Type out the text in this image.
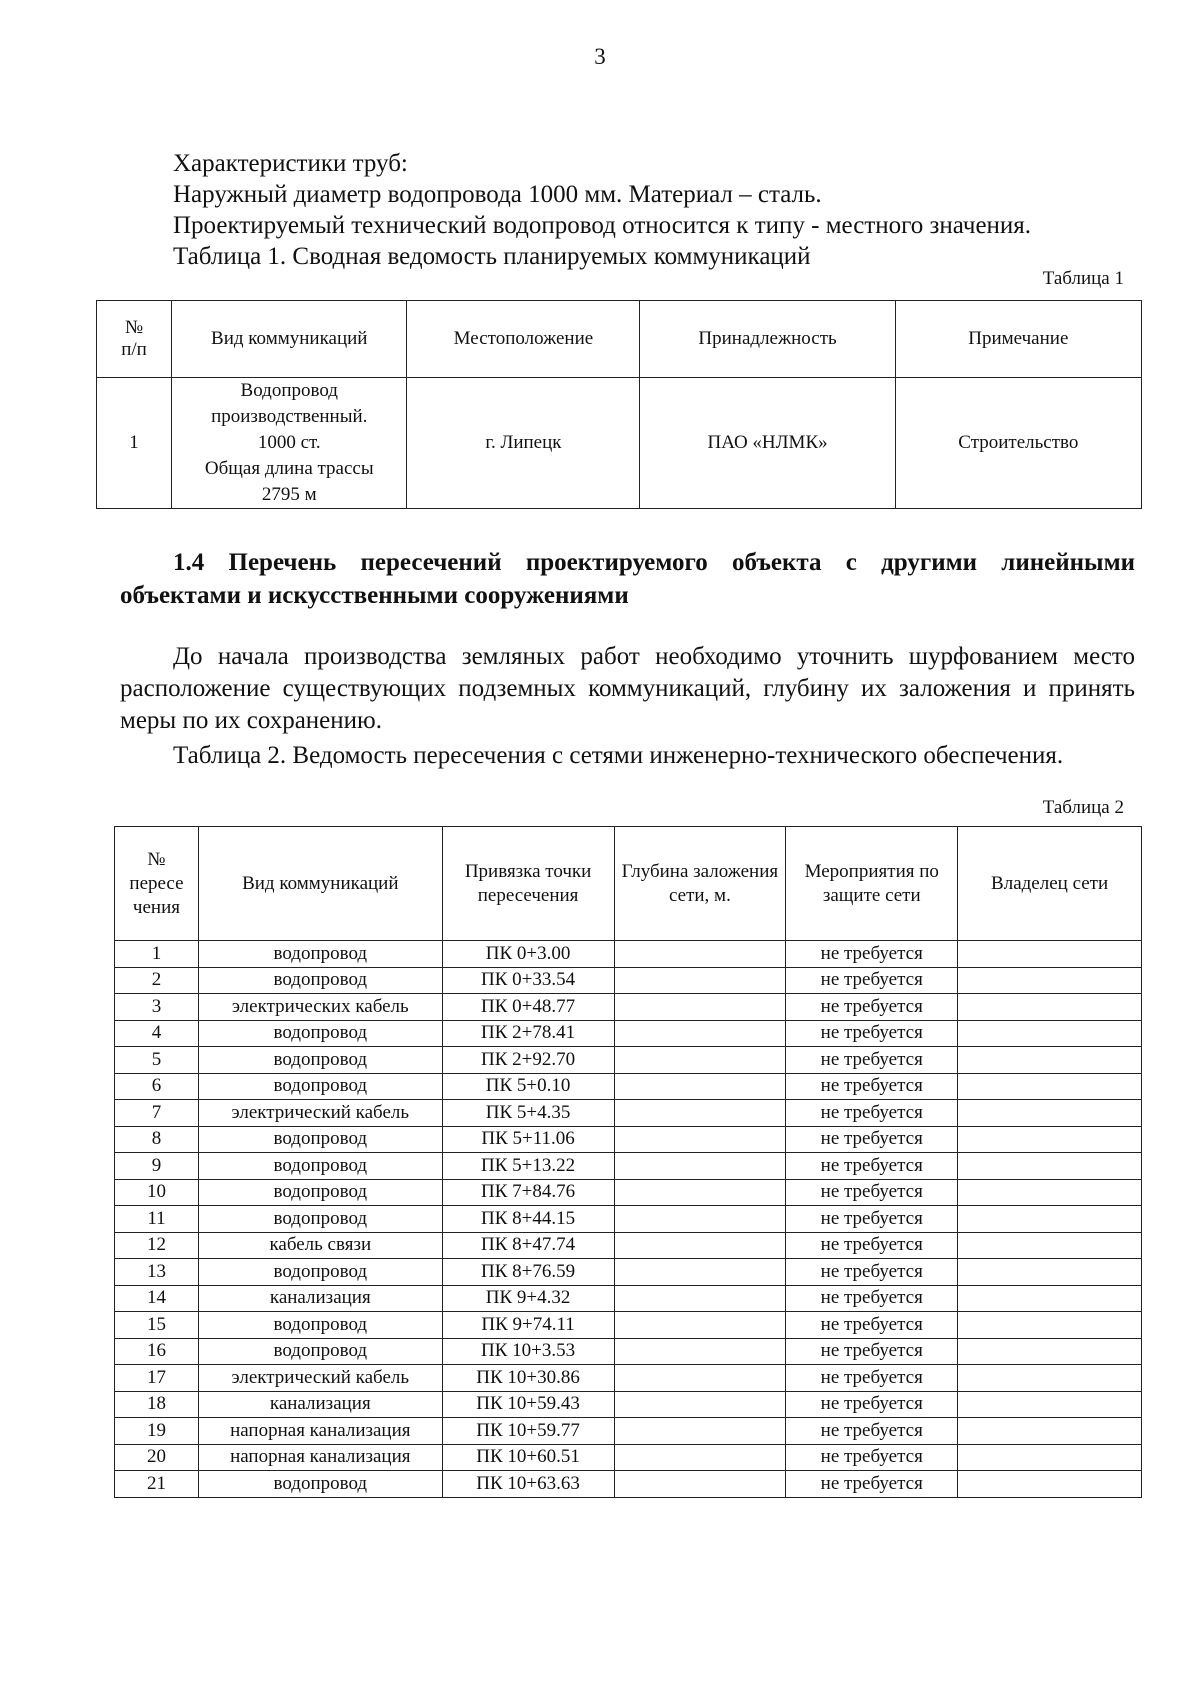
3

Характеристики труб:

Наружный диаметр водопровода 1000 мм. Материал – сталь.

Проектируемый технический водопровод относится к типу - местного значения.

Таблица 1. Сводная ведомость планируемых коммуникаций

Таблица 1
№
п/п	Вид коммуникаций	Местоположение	Принадлежность	Примечание
1	Водопровод
производственный.
1000 ст.
Общая длина трассы
2795 м	г. Липецк	ПАО «НЛМК»	Строительство

1.4 Перечень пересечений проектируемого объекта с другими линейными объектами и искусственными сооружениями

До начала производства земляных работ необходимо уточнить шурфованием место расположение существующих подземных коммуникаций, глубину их заложения и принять меры по их сохранению.

Таблица 2. Ведомость пересечения с сетями инженерно-технического обеспечения.

Таблица 2
№
пересе
чения	Вид коммуникаций	Привязка точки пересечения	Глубина заложения сети, м.	Мероприятия по защите сети	Владелец сети
1	водопровод	ПК 0+3.00		не требуется	
2	водопровод	ПК 0+33.54		не требуется	
3	электрических кабель	ПК 0+48.77		не требуется	
4	водопровод	ПК 2+78.41		не требуется	
5	водопровод	ПК 2+92.70		не требуется	
6	водопровод	ПК 5+0.10		не требуется	
7	электрический кабель	ПК 5+4.35		не требуется	
8	водопровод	ПК 5+11.06		не требуется	
9	водопровод	ПК 5+13.22		не требуется	
10	водопровод	ПК 7+84.76		не требуется	
11	водопровод	ПК 8+44.15		не требуется	
12	кабель связи	ПК 8+47.74		не требуется	
13	водопровод	ПК 8+76.59		не требуется	
14	канализация	ПК 9+4.32		не требуется	
15	водопровод	ПК 9+74.11		не требуется	
16	водопровод	ПК 10+3.53		не требуется	
17	электрический кабель	ПК 10+30.86		не требуется	
18	канализация	ПК 10+59.43		не требуется	
19	напорная канализация	ПК 10+59.77		не требуется	
20	напорная канализация	ПК 10+60.51		не требуется	
21	водопровод	ПК 10+63.63		не требуется	
